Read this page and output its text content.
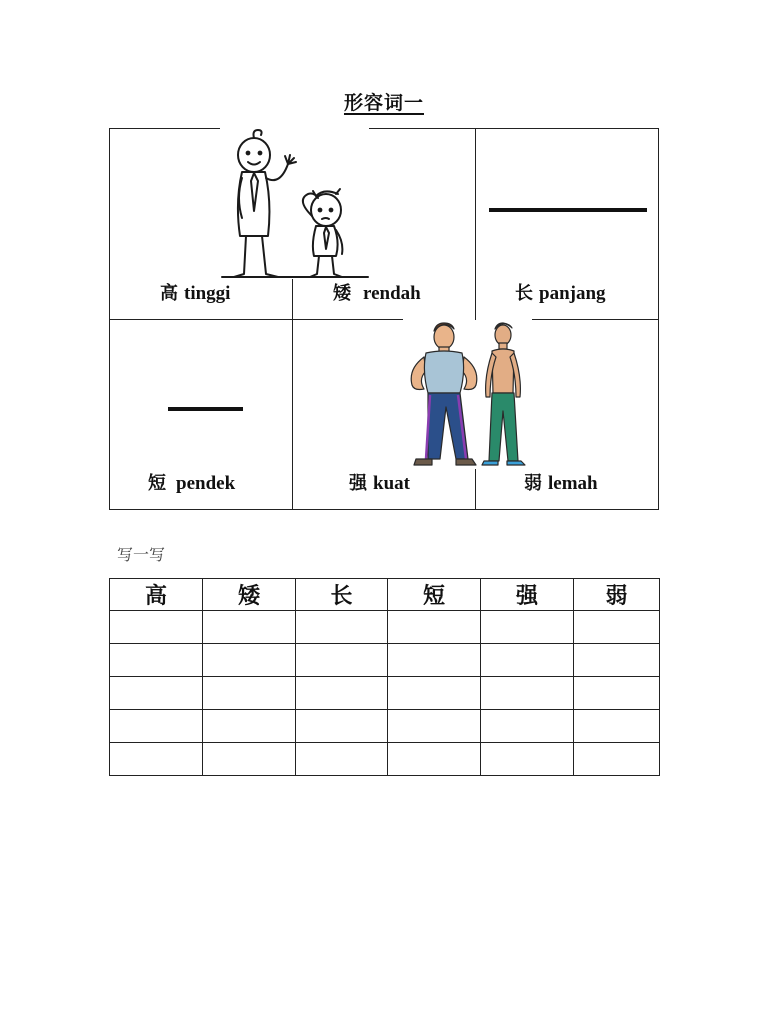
形容词一
高 tinggi	矮 rendah	长 panjang
短 pendek	强 kuat	弱 lemah
写一写
高	矮	长	短	强	弱
